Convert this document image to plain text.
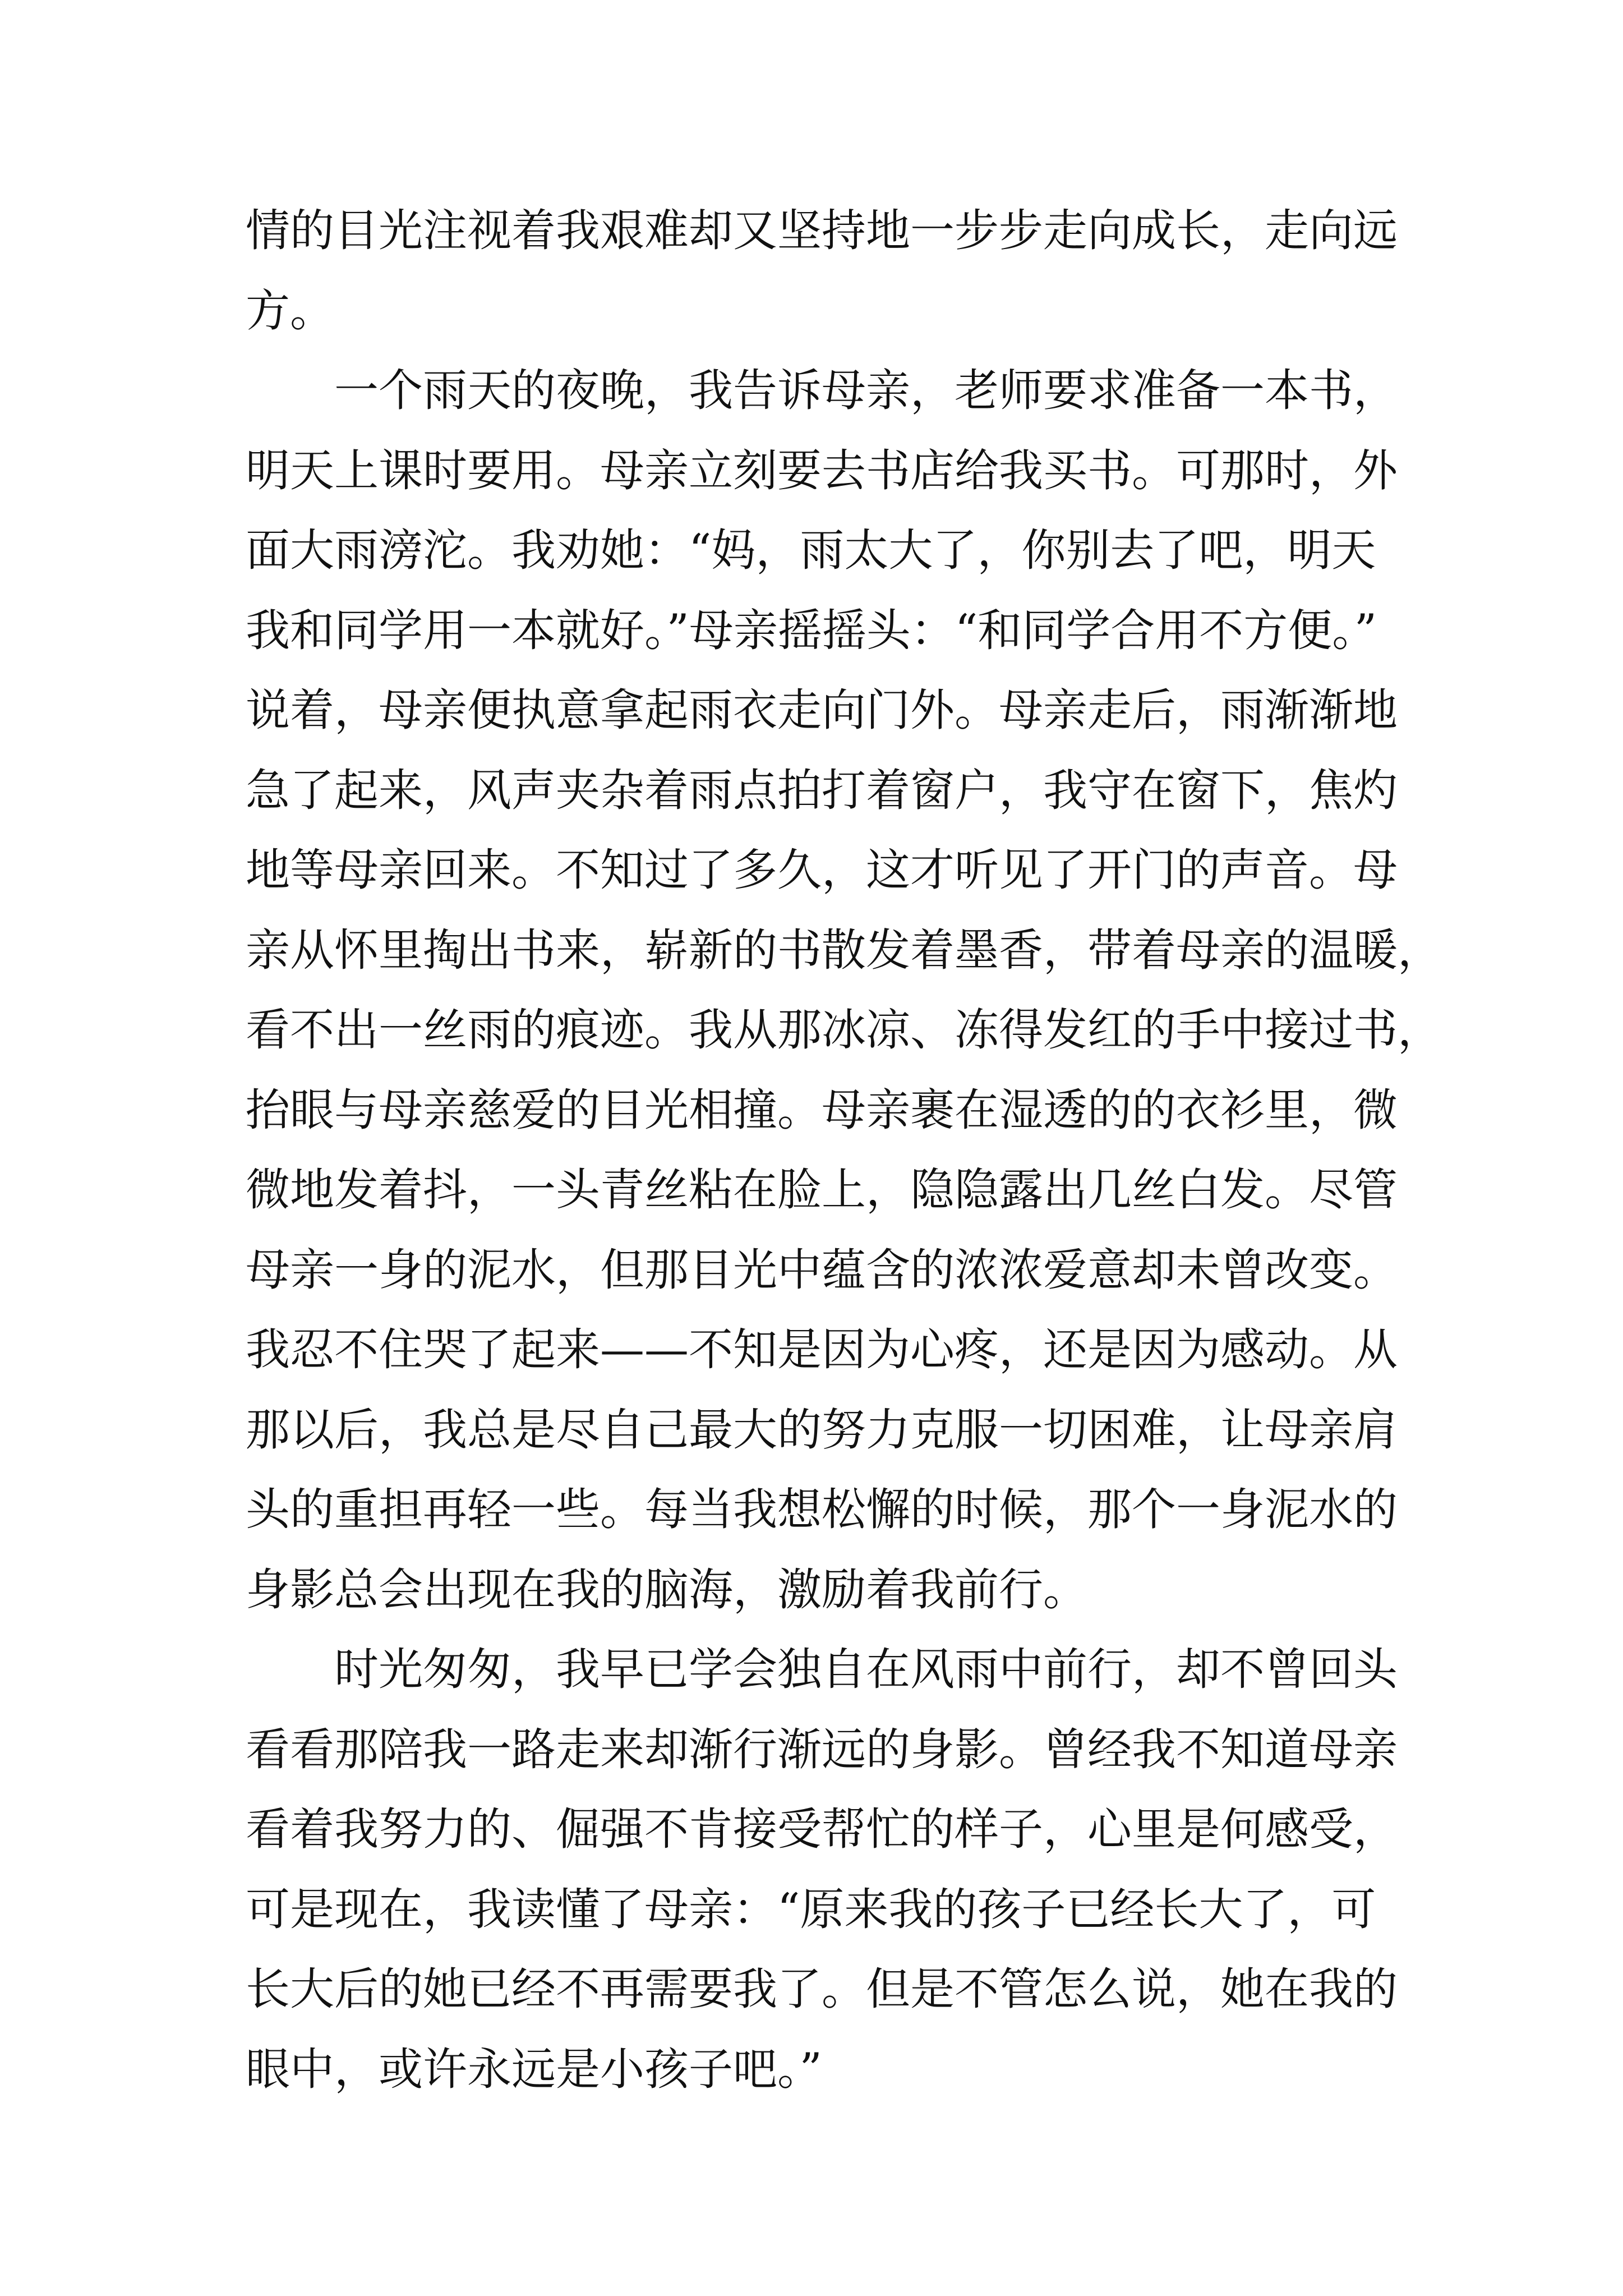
情的目光注视着我艰难却又坚持地一步步走向成长，走向远
方。
一个雨天的夜晚，我告诉母亲，老师要求准备一本书，
明天上课时要用。母亲立刻要去书店给我买书。可那时，外
面大雨滂沱。我劝她：“妈，雨太大了，你别去了吧，明天
我和同学用一本就好。”母亲摇摇头：“和同学合用不方便。”
说着，母亲便执意拿起雨衣走向门外。母亲走后，雨渐渐地
急了起来，风声夹杂着雨点拍打着窗户，我守在窗下，焦灼
地等母亲回来。不知过了多久，这才听见了开门的声音。母
亲从怀里掏出书来，崭新的书散发着墨香，带着母亲的温暖，
看不出一丝雨的痕迹。我从那冰凉、冻得发红的手中接过书，
抬眼与母亲慈爱的目光相撞。母亲裹在湿透的的衣衫里，微
微地发着抖，一头青丝粘在脸上，隐隐露出几丝白发。尽管
母亲一身的泥水，但那目光中蕴含的浓浓爱意却未曾改变。
我忍不住哭了起来——不知是因为心疼，还是因为感动。从
那以后，我总是尽自己最大的努力克服一切困难，让母亲肩
头的重担再轻一些。每当我想松懈的时候，那个一身泥水的
身影总会出现在我的脑海，激励着我前行。
时光匆匆，我早已学会独自在风雨中前行，却不曾回头
看看那陪我一路走来却渐行渐远的身影。曾经我不知道母亲
看着我努力的、倔强不肯接受帮忙的样子，心里是何感受，
可是现在，我读懂了母亲：“原来我的孩子已经长大了，可
长大后的她已经不再需要我了。但是不管怎么说，她在我的
眼中，或许永远是小孩子吧。”
